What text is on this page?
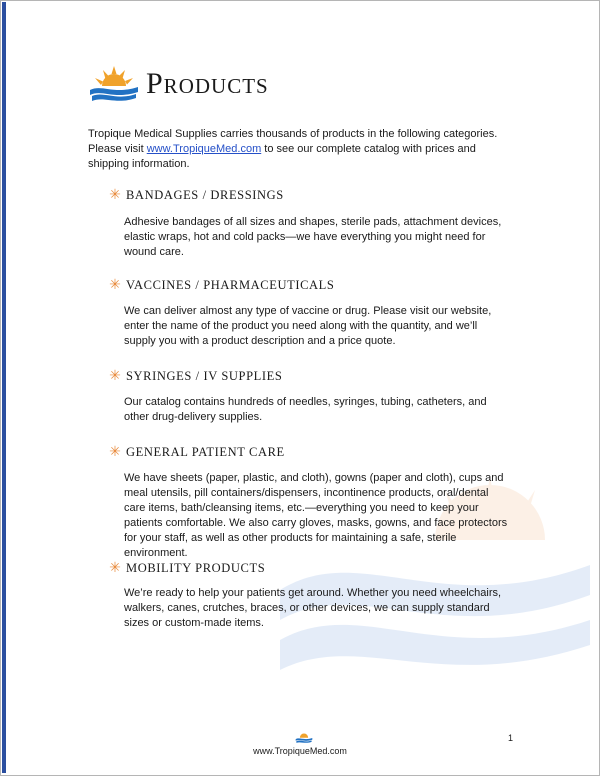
Products

Tropique Medical Supplies carries thousands of products in the following categories. Please visit www.TropiqueMed.com to see our complete catalog with prices and shipping information.

✳ BANDAGES / DRESSINGS

Adhesive bandages of all sizes and shapes, sterile pads, attachment devices, elastic wraps, hot and cold packs—we have everything you might need for wound care.

✳ VACCINES / PHARMACEUTICALS

We can deliver almost any type of vaccine or drug. Please visit our website, enter the name of the product you need along with the quantity, and we’ll supply you with a product description and a price quote.

✳ SYRINGES / IV SUPPLIES

Our catalog contains hundreds of needles, syringes, tubing, catheters, and other drug-delivery supplies.

✳ GENERAL PATIENT CARE

We have sheets (paper, plastic, and cloth), gowns (paper and cloth), cups and meal utensils, pill containers/dispensers, incontinence products, oral/dental care items, bath/cleansing items, etc.—everything you need to keep your patients comfortable. We also carry gloves, masks, gowns, and face protectors for your staff, as well as other products for maintaining a safe, sterile environment.

✳ MOBILITY PRODUCTS

We’re ready to help your patients get around. Whether you need wheelchairs, walkers, canes, crutches, braces, or other devices, we can supply standard sizes or custom-made items.

www.TropiqueMed.com
1
